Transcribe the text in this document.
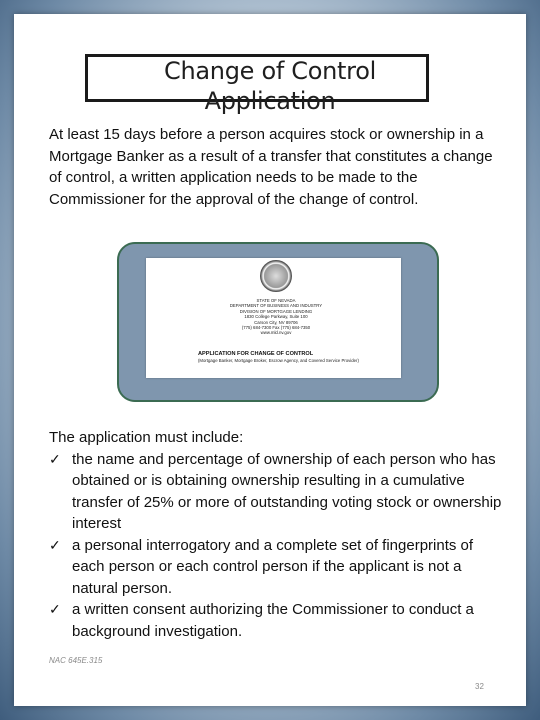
Change of Control Application
At least 15 days before a person acquires stock or ownership in a Mortgage Banker as a result of a transfer that constitutes a change of control, a written application needs to be made to the Commissioner for the approval of the change of control.
STATE OF NEVADA
DEPARTMENT OF BUSINESS AND INDUSTRY
DIVISION OF MORTGAGE LENDING
1830 College Parkway, Suite 100
Carson City, NV 89706
(775) 684-7300 Fax (775) 684-7350
www.mld.nv.gov
APPLICATION FOR CHANGE OF CONTROL
(Mortgage Banker, Mortgage Broker, Escrow Agency, and Covered Service Provider)
The application must include:
✓ the name and percentage of ownership of each person who has obtained or is obtaining ownership resulting in a cumulative transfer of 25% or more of outstanding voting stock or ownership interest
✓ a personal interrogatory and a complete set of fingerprints of each person or each control person if the applicant is not a natural person.
✓ a written consent authorizing the Commissioner to conduct a background investigation.
NAC 645E.315
32
